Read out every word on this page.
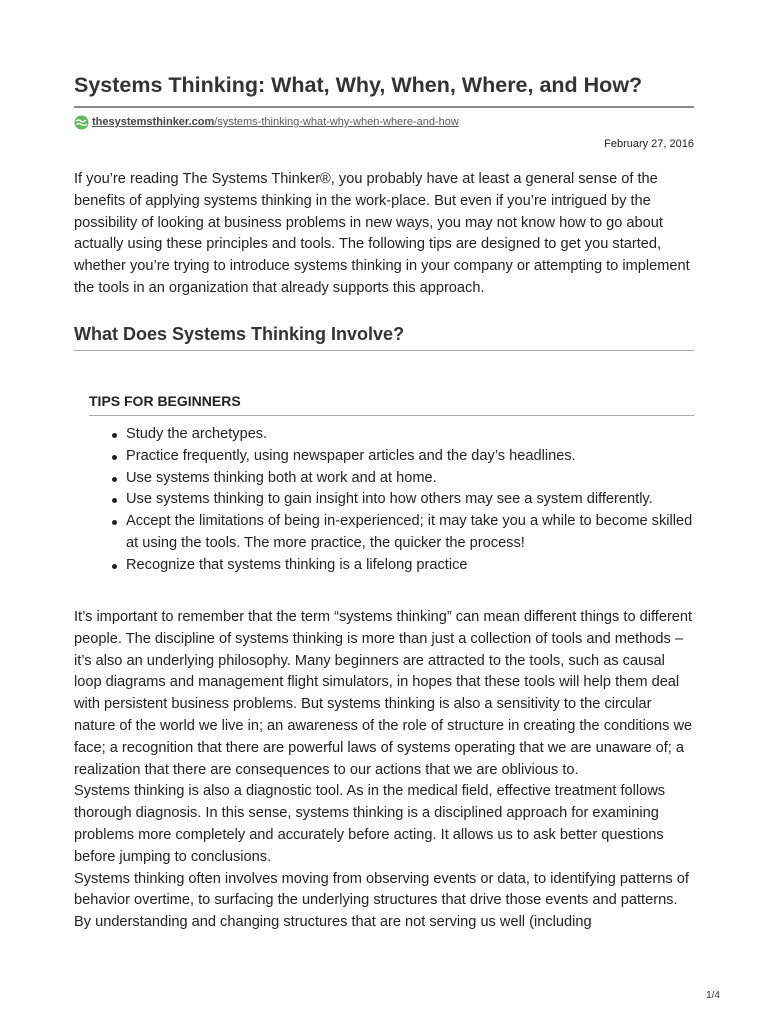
Systems Thinking: What, Why, When, Where, and How?
thesystemsthinker.com/systems-thinking-what-why-when-where-and-how
February 27, 2016

If you’re reading The Systems Thinker®, you probably have at least a general sense of the benefits of applying systems thinking in the work-place. But even if you’re intrigued by the possibility of looking at business problems in new ways, you may not know how to go about actually using these principles and tools. The following tips are designed to get you started, whether you’re trying to introduce systems thinking in your company or attempting to implement the tools in an organization that already supports this approach.

What Does Systems Thinking Involve?
TIPS FOR BEGINNERS
Study the archetypes.
Practice frequently, using newspaper articles and the day’s headlines.
Use systems thinking both at work and at home.
Use systems thinking to gain insight into how others may see a system differently.
Accept the limitations of being in-experienced; it may take you a while to become skilled at using the tools. The more practice, the quicker the process!
Recognize that systems thinking is a lifelong practice

It’s important to remember that the term “systems thinking” can mean different things to different people. The discipline of systems thinking is more than just a collection of tools and methods – it’s also an underlying philosophy. Many beginners are attracted to the tools, such as causal loop diagrams and management flight simulators, in hopes that these tools will help them deal with persistent business problems. But systems thinking is also a sensitivity to the circular nature of the world we live in; an awareness of the role of structure in creating the conditions we face; a recognition that there are powerful laws of systems operating that we are unaware of; a realization that there are consequences to our actions that we are oblivious to.

Systems thinking is also a diagnostic tool. As in the medical field, effective treatment follows thorough diagnosis. In this sense, systems thinking is a disciplined approach for examining problems more completely and accurately before acting. It allows us to ask better questions before jumping to conclusions.

Systems thinking often involves moving from observing events or data, to identifying patterns of behavior overtime, to surfacing the underlying structures that drive those events and patterns. By understanding and changing structures that are not serving us well (including

1/4
